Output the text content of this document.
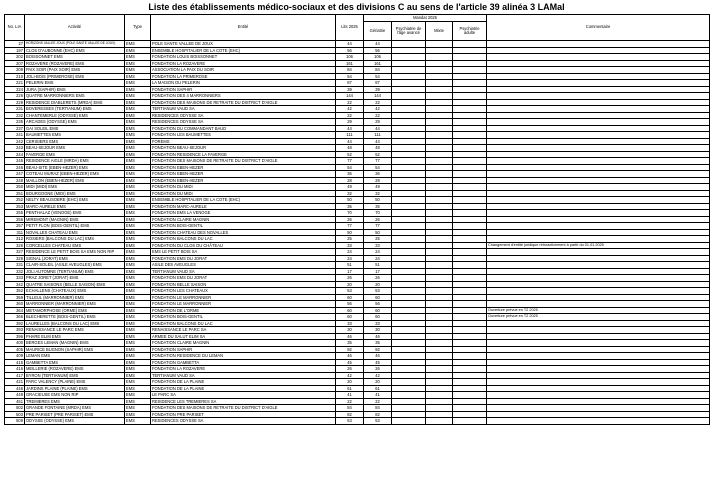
Liste des établissements médico-sociaux et des divisions C au sens de l'article 39 alinéa 3 LAMal
No. LIA	Activité	Type	Entité	Lits 2025	Mandat 2025				Commentaire
					Gériatrie	Psychiatrie de l'âge avancé	Mixte	Psychiatrie adulte	
27	HORIZONS VALLEE JOUX (POLE SANTE VALLEE DE JOUX)	EMS	POLE SANTE VALLEE DE JOUX	44	44				
197	CLOS D'AUBONNE (EHC) EMS	EMS	ENSEMBLE HOSPITALIER DE LA COTE (EHC)	56	56				
202	BOISSONNET EMS	EMS	FONDATION LOUIS BOISSONNET	106	106				
207	ROZAVERE (ROZAVERE) EMS	EMS	FONDATION LA ROZAVERE	161	161				
209	PAIX SOIR (PAIX SOIR) EMS	EMS	ASSOCIATION LA PAIX DU SOIR	84	84				
210	JOLI-BOIS (PRIMEROSE) EMS	EMS	FONDATION LA PRIMEROSE	54	54				
221	PELERIN EMS	EMS	LA MAISON DU PELERIN	87	87				
224	JURA (SAPHIR) EMS	EMS	FONDATION SAPHIR	39	39				
226	QUATRE MARRONNIERS EMS	EMS	FONDATION DES 4 MARRONNIERS	144	144				
229	RESIDENCE DIABLERETS (MRDA) EMS	EMS	FONDATION DES MAISONS DE RETRAITE DU DISTRICT D'AIGLE	22	22				
231	BOVERESSES (TERTIANUM) EMS	EMS	TERTIANUM VAUD SA	42	42				
232	CHANTEMERLE (ODYSSE) EMS	EMS	RESIDENCES ODYSSE SA	22	22				
235	ARCADES (ODYSSE) EMS	EMS	RESIDENCES ODYSSE SA	29	29				
237	GAI SOLEIL EMS	EMS	FONDATION DU COMMANDANT BAUD	44	44				
241	BAUMETTES EMS	EMS	FONDATION LES BAUMETTES	111	111				
242	CERISIERS EMS	EMS	FOREMS	44	44				
243	BEAU-SEJOUR EMS	EMS	FONDATION BEAU-SEJOUR	48	48				
244	FAVERGE EMS	EMS	FONDATION RESIDENCE LA FAVERGE	52	52				
245	RESIDENCE AIGLE (MRDA) EMS	EMS	FONDATION DES MAISONS DE RETRAITE DU DISTRICT D'AIGLE	77	77				
246	BEAU-SITE (EBEN-HEZER) EMS	EMS	FONDATION EBEN-HEZER	54	54				
247	COTEAU MURAZ (EBEN-HEZER) EMS	EMS	FONDATION EBEN-HEZER	36	36				
248	MAILLON (EBEN-HEZER) EMS	EMS	FONDATION EBEN-HEZER	28	28				
250	MIDI (MIDI) EMS	EMS	FONDATION DU MIDI	49	49				
251	BOURGOGNE (MIDI) EMS	EMS	FONDATION DU MIDI	32	32				
252	NELTY BEAUSOBRE (EHC) EMS	EMS	ENSEMBLE HOSPITALIER DE LA COTE (EHC)	50	50				
253	MARC-AURELE EMS	EMS	FONDATION MARC-AURELE	35	35				
255	PENTHALAZ (VENOGE) EMS	EMS	FONDATION EMS LA VENOGE	70	70				
256	MIREMONT (MAGNIN) EMS	EMS	FONDATION CLAIRE MAGNIN	26	26				
257	PETIT FLON (BOIS-GENTIL) EMS	EMS	FONDATION BOIS-GENTIL	77	77				
311	NOVALLES CHATEAU EMS	EMS	FONDATION CHATEAU DES NOVALLES	50	50				
312	ROSIERS (BALCONS DU LAC) EMS	EMS	FONDATION BALCONS DU LAC	25	25				
326	CORCELLES CHATEAU EMS	EMS	FONDATION DU CLOS DU CHÂTEAU	33	33				Changement d'entité juridique rétroactivement à partir du 01.01.2025
327	RESIDENCE LE PETIT BOIS SA EMS NON RIP	EMS	EMS LE PETIT BOIS SA	24	24				
329	SIGNAL (JORAT) EMS	EMS	FONDATION EMS DU JORAT	24	24				
331	CLAIR-SOLEIL (ASILE AVEUGLES) EMS	EMS	ASILE DES AVEUGLES	51	51				
332	JOLI AUTOMNE (TERTIANUM) EMS	EMS	TERTIANUM VAUD SA	17	17				
333	PRAZ JORET (JORAT) EMS	EMS	FONDATION EMS DU JORAT	26	26				
342	QUATRE SAISONS (BELLE SAISON) EMS	EMS	FONDATION BELLE SAISON	20	20				
352	ECHALLENS (CHATEAUX) EMS	EMS	FONDATION LES CHATEAUX	53	53				
359	TILLEUL (MARRONNIER) EMS	EMS	FONDATION LE MARRONNIER	60	60				
360	MARRONNIER (MARRONNIER) EMS	EMS	FONDATION LE MARRONNIER	56	56				
364	METAMORPHOSE (ORME) EMS	EMS	FONDATION DE L'ORME	60	60				Ouverture prévue en T2 2025
366	BLECHERETTE (BOIS-GENTIL) EMS	EMS	FONDATION BOIS-GENTIL	60	60				Ouverture prévue en T2 2025
392	LAURELLES (BALCONS DU LAC) EMS	EMS	FONDATION BALCONS DU LAC	33	33				
393	RENAISSANCE LE PARC EMS	EMS	RENAISSANCE LE PARC SA	30	30				
396	PHARE ELIM EMS	EMS	ARMEE DU SALUT ELIM SA	46	46				
400	BERGES LEMAN (MAGNIN) EMS	EMS	FONDATION CLAIRE MAGNIN	35	35				
405	MAURICE BUGNON (SAPHIR) EMS	EMS	FONDATION SAPHIR	92	92				
409	LEMAN EMS	EMS	FONDATION RESIDENCE DU LEMAN	46	46				
415	GAMBETTA EMS	EMS	FONDATION GAMBETTA	45	45				
416	MEILLERIE (ROZAVERE) EMS	EMS	FONDATION LA ROZAVERE	26	26				
417	BYRON (TERTIANUM) EMS	EMS	TERTIANUM VAUD SA	42	42				
421	PARC VALENCY (PLAINE) EMS	EMS	FONDATION DE LA PLAINE	20	20				
446	JARDINS PLAINE (PLAINE) EMS	EMS	FONDATION DE LA PLAINE	61	61				
449	GRACIEUSE EMS NON RIP	EMS	LE PARC SA	41	41				
451	TREMIERES EMS	EMS	RESIDENCE LES TREMIERES SA	22	22				
502	GRANDE FONTAINE (MRDA) EMS	EMS	FONDATION DES MAISONS DE RETRAITE DU DISTRICT D'AIGLE	84	84				
503	PRE PARISET (PRE PARISET) EMS	EMS	FONDATION PRE PARISET	82	82				
509	ODYSSE (ODYSSE) EMS	EMS	RESIDENCES ODYSSE SA	53	53				
